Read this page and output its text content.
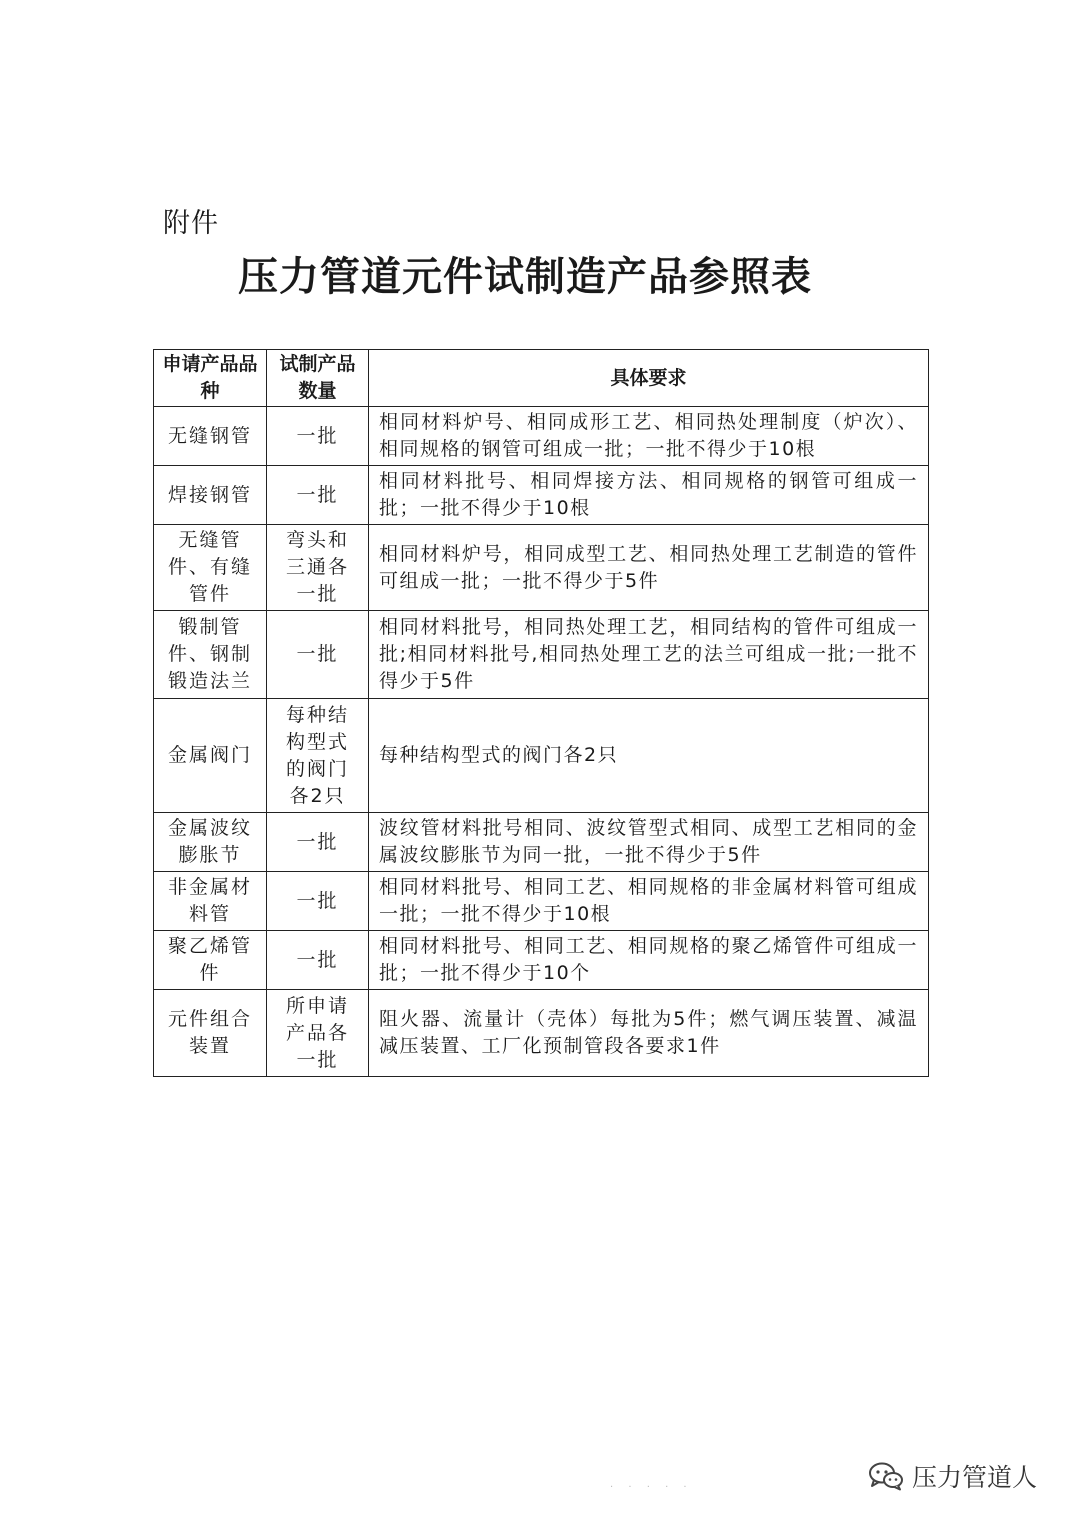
附件
压力管道元件试制造产品参照表
申请产品品种	试制产品数量	具体要求
无缝钢管	一批	相同材料炉号、相同成形工艺、相同热处理制度（炉次）、相同规格的钢管可组成一批；一批不得少于10根
焊接钢管	一批	相同材料批号、相同焊接方法、相同规格的钢管可组成一批；一批不得少于10根
无缝管件、有缝管件	弯头和三通各一批	相同材料炉号，相同成型工艺、相同热处理工艺制造的管件可组成一批；一批不得少于5件
锻制管件、钢制锻造法兰	一批	相同材料批号，相同热处理工艺，相同结构的管件可组成一批;相同材料批号,相同热处理工艺的法兰可组成一批;一批不得少于5件
金属阀门	每种结构型式的阀门各2只	每种结构型式的阀门各2只
金属波纹膨胀节	一批	波纹管材料批号相同、波纹管型式相同、成型工艺相同的金属波纹膨胀节为同一批，一批不得少于5件
非金属材料管	一批	相同材料批号、相同工艺、相同规格的非金属材料管可组成一批；一批不得少于10根
聚乙烯管件	一批	相同材料批号、相同工艺、相同规格的聚乙烯管件可组成一批；一批不得少于10个
元件组合装置	所申请产品各一批	阻火器、流量计（壳体）每批为5件；燃气调压装置、减温减压装置、工厂化预制管段各要求1件
· · · · ·	压力管道人
